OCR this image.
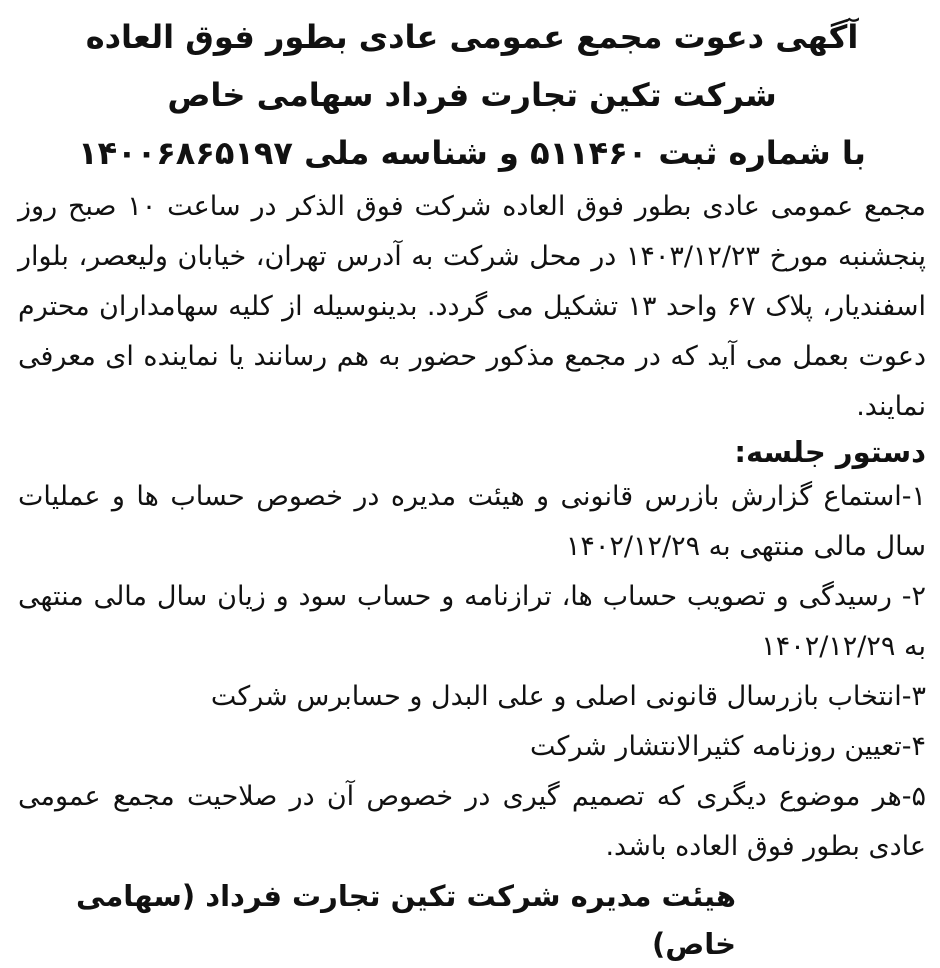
آگهی دعوت مجمع عمومی عادی بطور فوق العاده
شرکت تکین تجارت فرداد سهامی خاص
با شماره ثبت ۵۱۱۴۶۰ و شناسه ملی ۱۴۰۰۶۸۶۵۱۹۷

مجمع عمومی عادی بطور فوق العاده شرکت فوق الذکر در ساعت ۱۰ صبح روز پنجشنبه مورخ ۱۴۰۳/۱۲/۲۳ در محل شرکت به آدرس تهران، خیابان ولیعصر، بلوار اسفندیار، پلاک ۶۷ واحد ۱۳ تشکیل می گردد. بدینوسیله از کلیه سهامداران محترم دعوت بعمل می آید که در مجمع مذکور حضور به هم رسانند یا نماینده ای معرفی نمایند.

دستور جلسه:

۱-استماع گزارش بازرس قانونی و هیئت مدیره در خصوص حساب ها و عملیات سال مالی منتهی به ۱۴۰۲/۱۲/۲۹
۲- رسیدگی و تصویب حساب ها، ترازنامه و حساب سود و زیان سال مالی منتهی به ۱۴۰۲/۱۲/۲۹
۳-انتخاب بازرسال قانونی اصلی و علی البدل و حسابرس شرکت
۴-تعیین روزنامه کثیرالانتشار شرکت
۵-هر موضوع دیگری که تصمیم گیری در خصوص آن در صلاحیت مجمع عمومی عادی بطور فوق العاده باشد.

هیئت مدیره شرکت تکین تجارت فرداد (سهامی خاص)
